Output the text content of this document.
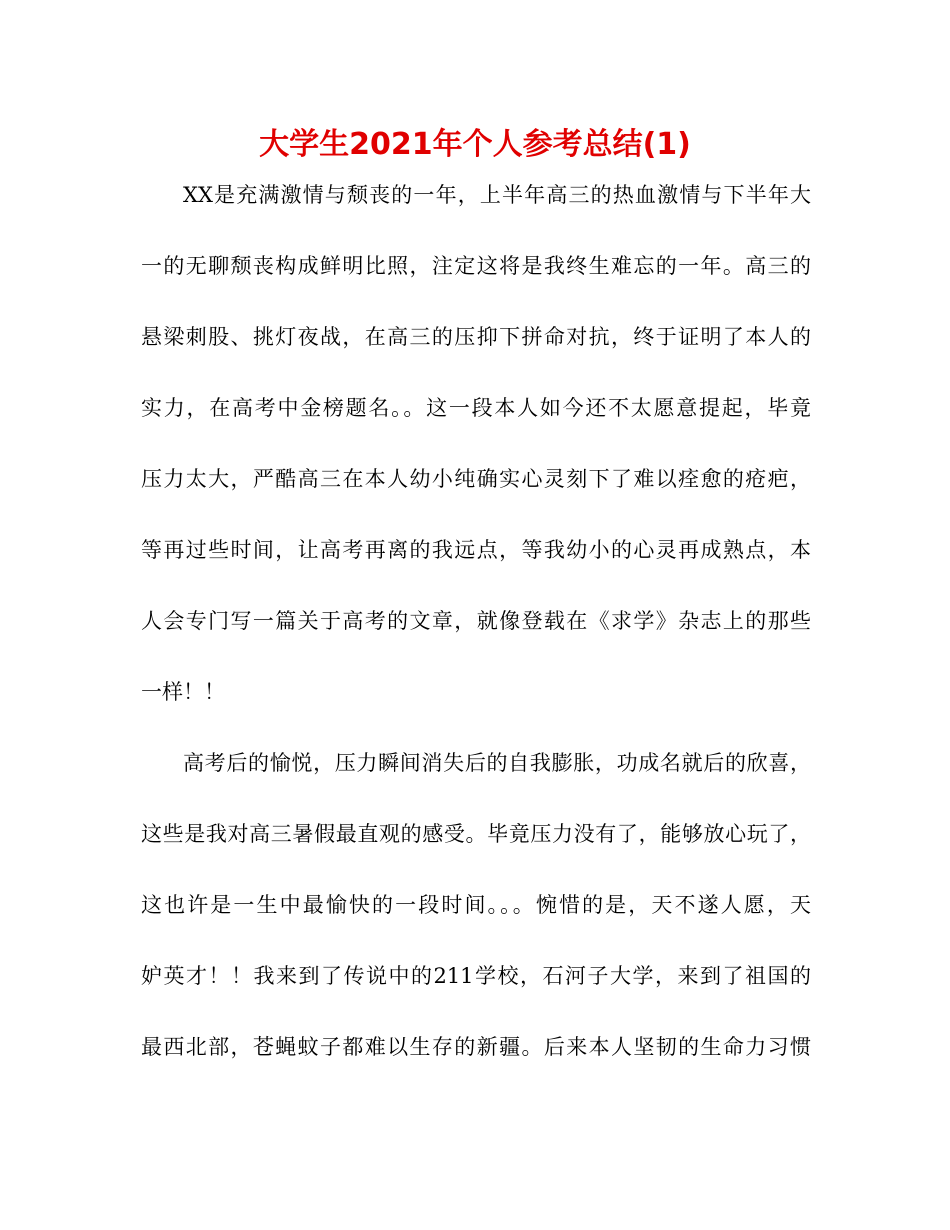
大学生2021年个人参考总结(1)
XX是充满激情与颓丧的一年，上半年高三的热血激情与下半年大
一的无聊颓丧构成鲜明比照，注定这将是我终生难忘的一年。高三的
悬梁刺股、挑灯夜战，在高三的压抑下拼命对抗，终于证明了本人的
实力，在高考中金榜题名。。这一段本人如今还不太愿意提起，毕竟
压力太大，严酷高三在本人幼小纯确实心灵刻下了难以痊愈的疮疤，
等再过些时间，让高考再离的我远点，等我幼小的心灵再成熟点，本
人会专门写一篇关于高考的文章，就像登载在《求学》杂志上的那些
一样！！
高考后的愉悦，压力瞬间消失后的自我膨胀，功成名就后的欣喜，
这些是我对高三暑假最直观的感受。毕竟压力没有了，能够放心玩了，
这也许是一生中最愉快的一段时间。。。惋惜的是，天不遂人愿，天
妒英才！！我来到了传说中的211学校，石河子大学，来到了祖国的
最西北部，苍蝇蚊子都难以生存的新疆。后来本人坚韧的生命力习惯
